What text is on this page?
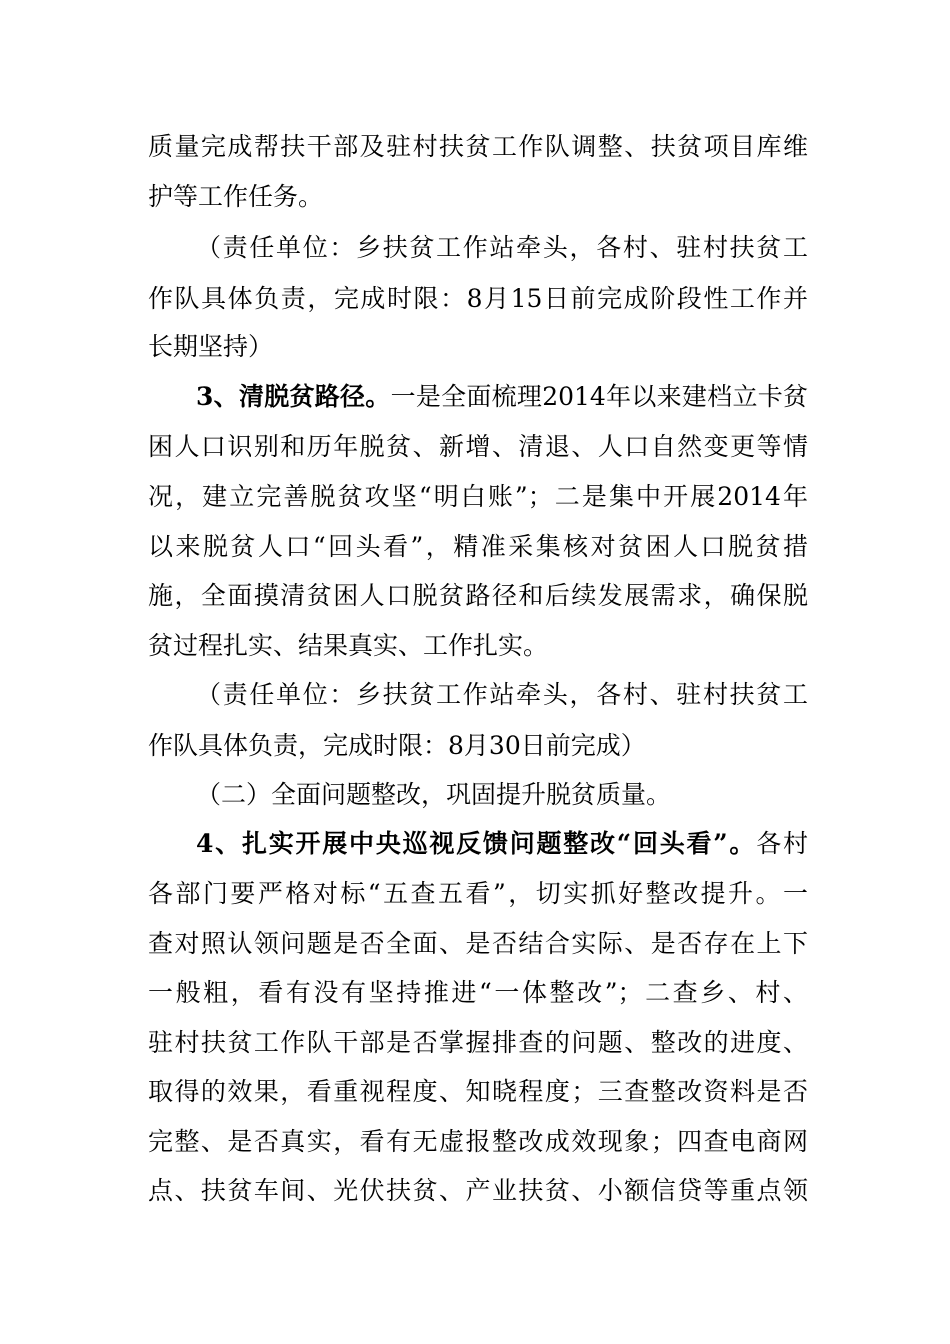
质量完成帮扶干部及驻村扶贫工作队调整、扶贫项目库维

护等工作任务。

（责任单位：乡扶贫工作站牵头，各村、驻村扶贫工

作队具体负责，完成时限：8月15日前完成阶段性工作并

长期坚持）

3、清脱贫路径。一是全面梳理2014年以来建档立卡贫

困人口识别和历年脱贫、新增、清退、人口自然变更等情

况，建立完善脱贫攻坚“明白账”；二是集中开展2014年

以来脱贫人口“回头看”，精准采集核对贫困人口脱贫措

施，全面摸清贫困人口脱贫路径和后续发展需求，确保脱

贫过程扎实、结果真实、工作扎实。

（责任单位：乡扶贫工作站牵头，各村、驻村扶贫工

作队具体负责，完成时限：8月30日前完成）

（二）全面问题整改，巩固提升脱贫质量。

4、扎实开展中央巡视反馈问题整改“回头看”。各村

各部门要严格对标“五查五看”，切实抓好整改提升。一

查对照认领问题是否全面、是否结合实际、是否存在上下

一般粗，看有没有坚持推进“一体整改”；二查乡、村、

驻村扶贫工作队干部是否掌握排查的问题、整改的进度、

取得的效果，看重视程度、知晓程度；三查整改资料是否

完整、是否真实，看有无虚报整改成效现象；四查电商网

点、扶贫车间、光伏扶贫、产业扶贫、小额信贷等重点领
